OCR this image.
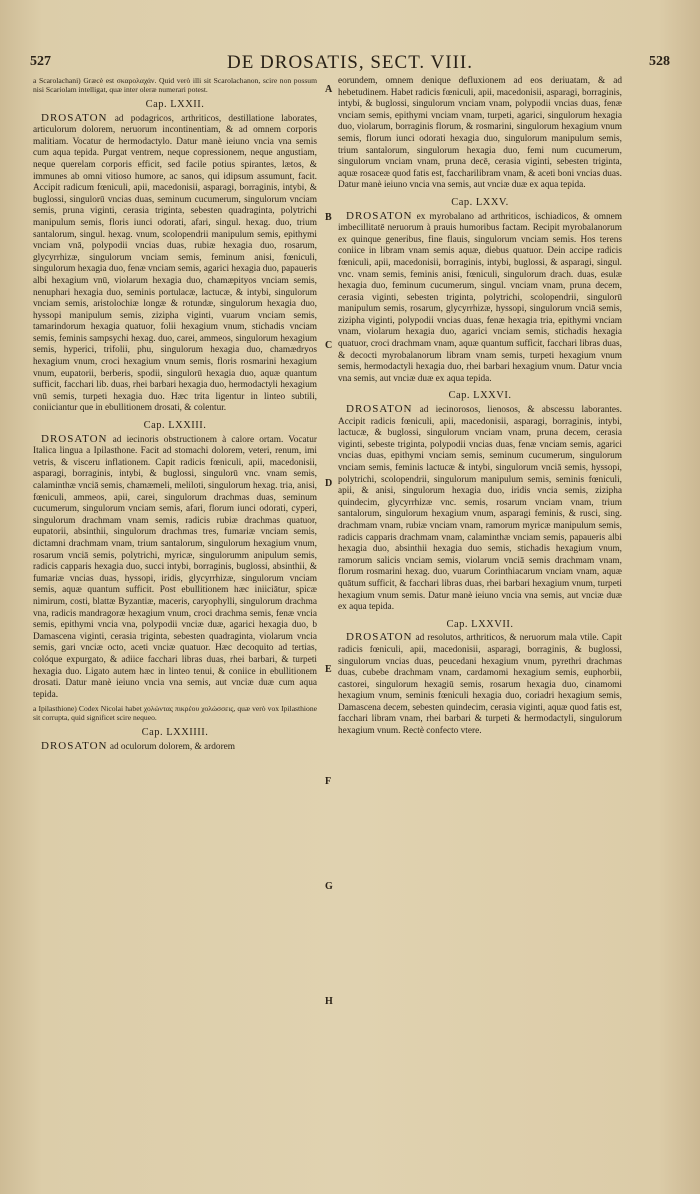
527	DE DROSATIS, SECT. VIII.	528

a Scarolachani) Græcè est σκαρολαχάν. Quid verò illi sit Scarolachanon, scire non possum nisi Scariolam intelligat, quæ inter oleræ numerari potest.

Cap. LXXII.

DROSATON ad podagricos, arthriticos, destillatione laborates, articulorum dolorem, neruorum incontinentiam, & ad omnem corporis malitiam. Vocatur de hermodactylo. Datur manè ieiuno vncia vna semis cum aqua tepida. Purgat ventrem, neque copressionem, neque angustiam, neque querelam corporis efficit, sed facile potius spirantes, lætos, & immunes ab omni vitioso humore, ac sanos, qui idipsum assumunt, facit. Accipit radicum fœniculi, apii, macedonisii, asparagi, borraginis, intybi, & buglossi, singulorū vncias duas, seminum cucumerum, singulorum vnciam semis, pruna viginti, cerasia triginta, sebesten quadraginta, polytrichi manipulum semis, floris iunci odorati, afari, singul. hexag. duo, trium santalorum, singul. hexag. vnum, scolopendrii manipulum semis, epithymi vnciam vnā, polypodii vncias duas, rubiæ hexagia duo, rosarum, glycyrrhizæ, singulorum vnciam semis, feminum anisi, fœniculi, singulorum hexagia duo, fenæ vnciam semis, agarici hexagia duo, papaueris albi hexagium vnū, violarum hexagia duo, chamæpityos vnciam semis, nenuphari hexagia duo, seminis portulacæ, lactucæ, & intybi, singulorum vnciam semis, aristolochiæ longæ & rotundæ, singulorum hexagia duo, hyssopi manipulum semis, zizipha viginti, vuarum vnciam semis, tamarindorum hexagia quatuor, folii hexagium vnum, stichadis vnciam semis, feminis sampsychi hexag. duo, carei, ammeos, singulorum hexagium semis, hyperici, trifolii, phu, singulorum hexagia duo, chamædryos hexagium vnum, croci hexagium vnum semis, floris rosmarini hexagium vnum, eupatorii, berberis, spodii, singulorū hexagia duo, aquæ quantum sufficit, facchari lib. duas, rhei barbari hexagia duo, hermodactyli hexagium vnū semis, turpeti hexagia duo. Hæc trita ligentur in linteo subtili, coniiciantur que in ebullitionem drosati, & colentur.

Cap. LXXIII.

DROSATON ad iecinoris obstructionem à calore ortam. Vocatur Italica lingua a Ipilasthone. Facit ad stomachi dolorem, veteri, renum, imi vetris, & visceru inflationem. Capit radicis fœniculi, apii, macedonisii, asparagi, borraginis, intybi, & buglossi, singulorū vnc. vnam semis, calaminthæ vnciā semis, chamæmeli, meliloti, singulorum hexag. tria, anisi, fœniculi, ammeos, apii, carei, singulorum drachmas duas, seminum cucumerum, singulorum vnciam semis, afari, florum iunci odorati, cyperi, singulorum drachmam vnam semis, radicis rubiæ drachmas quatuor, eupatorii, absinthii, singulorum drachmas tres, fumariæ vnciam semis, dictamni drachmam vnam, trium santalorum, singulorum hexagium vnum, rosarum vnciā semis, polytrichi, myricæ, singulorumm anipulum semis, radicis capparis hexagia duo, succi intybi, borraginis, buglossi, absinthii, & fumariæ vncias duas, hyssopi, iridis, glycyrrhizæ, singulorum vnciam semis, aquæ quantum sufficit. Post ebullitionem hæc iniiciātur, spicæ nimirum, costi, blattæ Byzantiæ, maceris, caryophylli, singulorum drachma vna, radicis mandragoræ hexagium vnum, croci drachma semis, fenæ vncia semis, epithymi vncia vna, polypodii vnciæ duæ, agarici hexagia duo, b Damascena viginti, cerasia triginta, sebesten quadraginta, violarum vncia semis, gari vnciæ octo, aceti vnciæ quatuor. Hæc decoquito ad tertias, colóque expurgato, & adiice facchari libras duas, rhei barbari, & turpeti hexagia duo. Ligato autem hæc in linteo tenui, & coniice in ebullitionem drosati. Datur manè ieiuno vncia vna semis, aut vnciæ duæ cum aqua tepida.

a Ipilasthione) Codex Nicolai habet χολώντας πικρέου χολώσσεις, quæ verò vox Ipilasthione sit corrupta, quid significet scire nequeo.

Cap. LXXIIII.

DROSATON ad oculorum dolorem, & ardorem

A
B
C
D
E
F
G
H

eorundem, omnem denique defluxionem ad eos deriuatam, & ad hebetudinem. Habet radicis fœniculi, apii, macedonisii, asparagi, borraginis, intybi, & buglossi, singulorum vnciam vnam, polypodii vncias duas, fenæ vnciam semis, epithymi vnciam vnam, turpeti, agarici, singulorum hexagia duo, violarum, borraginis florum, & rosmarini, singulorum hexagium vnum semis, florum iunci odorati hexagia duo, singulorum manipulum semis, trium santalorum, singulorum hexagia duo, femi num cucumerum, singulorum vnciam vnam, pruna decē, cerasia viginti, sebesten triginta, aquæ rosaceæ quod fatis est, faccharilibram vnam, & aceti boni vncias duas. Datur manè ieiuno vncia vna semis, aut vnciæ duæ ex aqua tepida.

Cap. LXXV.

DROSATON ex myrobalano ad arthriticos, ischiadicos, & omnem imbecillitatē neruorum à prauis humoribus factam. Recipit myrobalanorum ex quinque generibus, fine flauis, singulorum vnciam semis. Hos terens coniice in libram vnam semis aquæ, diebus quatuor. Dein accipe radicis fœniculi, apii, macedonisii, borraginis, intybi, buglossi, & asparagi, singul. vnc. vnam semis, feminis anisi, fœniculi, singulorum drach. duas, esulæ hexagia duo, feminum cucumerum, singul. vnciam vnam, pruna decem, cerasia viginti, sebesten triginta, polytrichi, scolopendrii, singulorū manipulum semis, rosarum, glycyrrhizæ, hyssopi, singulorum vnciā semis, zizipha viginti, polypodii vncias duas, fenæ hexagia tria, epithymi vnciam vnam, violarum hexagia duo, agarici vnciam semis, stichadis hexagia quatuor, croci drachmam vnam, aquæ quantum sufficit, facchari libras duas, & decocti myrobalanorum libram vnam semis, turpeti hexagium vnum semis, hermodactyli hexagia duo, rhei barbari hexagium vnum. Datur vncia vna semis, aut vnciæ duæ ex aqua tepida.

Cap. LXXVI.

DROSATON ad iecinorosos, lienosos, & abscessu laborantes. Accipit radicis fœniculi, apii, macedonisii, asparagi, borraginis, intybi, lactucæ, & buglossi, singulorum vnciam vnam, pruna decem, cerasia viginti, sebeste triginta, polypodii vncias duas, fenæ vnciam semis, agarici vncias duas, epithymi vnciam semis, seminum cucumerum, singulorum vnciam semis, feminis lactucæ & intybi, singulorum vnciā semis, hyssopi, polytrichi, scolopendrii, singulorum manipulum semis, seminis fœniculi, apii, & anisi, singulorum hexagia duo, iridis vncia semis, zizipha quindecim, glycyrrhizæ vnc. semis, rosarum vnciam vnam, trium santalorum, singulorum hexagium vnum, asparagi feminis, & rusci, sing. drachmam vnam, rubiæ vnciam vnam, ramorum myricæ manipulum semis, radicis capparis drachmam vnam, calaminthæ vnciam semis, papaueris albi hexagia duo, absinthii hexagia duo semis, stichadis hexagium vnum, ramorum salicis vnciam semis, violarum vnciā semis drachmam vnam, florum rosmarini hexag. duo, vuarum Corinthiacarum vnciam vnam, aquæ quātum sufficit, & facchari libras duas, rhei barbari hexagium vnum, turpeti hexagium vnum semis. Datur manè ieiuno vncia vna semis, aut vnciæ duæ ex aqua tepida.

Cap. LXXVII.

DROSATON ad resolutos, arthriticos, & neruorum mala vtile. Capit radicis fœniculi, apii, macedonisii, asparagi, borraginis, & buglossi, singulorum vncias duas, peucedani hexagium vnum, pyrethri drachmas duas, cubebe drachmam vnam, cardamomi hexagium semis, euphorbii, castorei, singulorum hexagiū semis, rosarum hexagia duo, cinamomi hexagium vnum, seminis fœniculi hexagia duo, coriadri hexagium semis, Damascena decem, sebesten quindecim, cerasia viginti, aquæ quod fatis est, facchari libram vnam, rhei barbari & turpeti & hermodactyli, singulorum hexagium vnum. Rectè confecto vtere.
